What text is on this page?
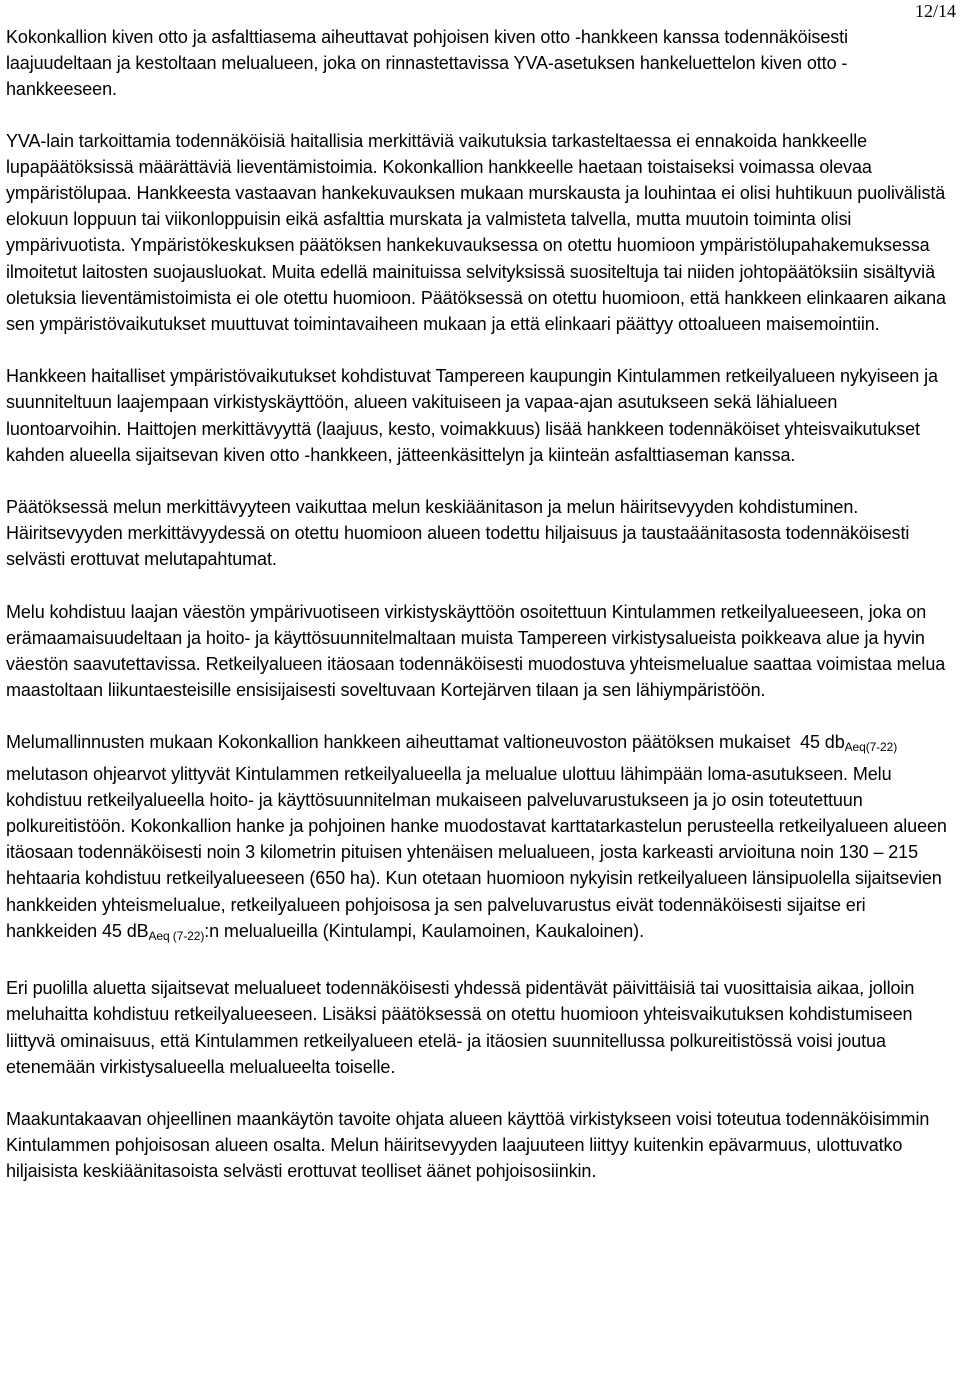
12/14

Kokonkallion kiven otto ja asfalttiasema aiheuttavat pohjoisen kiven otto -hankkeen kanssa todennäköisesti laajuudeltaan ja kestoltaan melualueen, joka on rinnastettavissa YVA-asetuksen hankeluettelon kiven otto -hankkeeseen.

YVA-lain tarkoittamia todennäköisiä haitallisia merkittäviä vaikutuksia tarkasteltaessa ei ennakoida hankkeelle lupapäätöksissä määrättäviä lieventämistoimia. Kokonkallion hankkeelle haetaan toistaiseksi voimassa olevaa ympäristölupaa. Hankkeesta vastaavan hankekuvauksen mukaan murskausta ja louhintaa ei olisi huhtikuun puolivälistä elokuun loppuun tai viikonloppuisin eikä asfalttia murskata ja valmisteta talvella, mutta muutoin toiminta olisi ympärivuotista. Ympäristökeskuksen päätöksen hankekuvauksessa on otettu huomioon ympäristölupahakemuksessa ilmoitetut laitosten suojausluokat. Muita edellä mainituissa selvityksissä suositeltuja tai niiden johtopäätöksiin sisältyviä oletuksia lieventämistoimista ei ole otettu huomioon. Päätöksessä on otettu huomioon, että hankkeen elinkaaren aikana sen ympäristövaikutukset muuttuvat toimintavaiheen mukaan ja että elinkaari päättyy ottoalueen maisemointiin.

Hankkeen haitalliset ympäristövaikutukset kohdistuvat Tampereen kaupungin Kintulammen retkeilyalueen nykyiseen ja suunniteltuun laajempaan virkistyskäyttöön, alueen vakituiseen ja vapaa-ajan asutukseen sekä lähialueen luontoarvoihin. Haittojen merkittävyyttä (laajuus, kesto, voimakkuus) lisää hankkeen todennäköiset yhteisvaikutukset kahden alueella sijaitsevan kiven otto -hankkeen, jätteenkäsittelyn ja kiinteän asfalttiaseman kanssa.

Päätöksessä melun merkittävyyteen vaikuttaa melun keskiäänitason ja melun häiritsevyyden kohdistuminen. Häiritsevyyden merkittävyydessä on otettu huomioon alueen todettu hiljaisuus ja taustaäänitasosta todennäköisesti selvästi erottuvat melutapahtumat.

Melu kohdistuu laajan väestön ympärivuotiseen virkistyskäyttöön osoitettuun Kintulammen retkeilyalueeseen, joka on erämaamaisuudeltaan ja hoito- ja käyttösuunnitelmaltaan muista Tampereen virkistysalueista poikkeava alue ja hyvin väestön saavutettavissa. Retkeilyalueen itäosaan todennäköisesti muodostuva yhteismelualue saattaa voimistaa melua maastoltaan liikuntaesteisille ensisijaisesti soveltuvaan Kortejärven tilaan ja sen lähiympäristöön.

Melumallinnusten mukaan Kokonkallion hankkeen aiheuttamat valtioneuvoston päätöksen mukaiset  45 dbAeq(7-22) melutason ohjearvot ylittyvät Kintulammen retkeilyalueella ja melualue ulottuu lähimpään loma-asutukseen. Melu kohdistuu retkeilyalueella hoito- ja käyttösuunnitelman mukaiseen palveluvarustukseen ja jo osin toteutettuun polkureitistöön. Kokonkallion hanke ja pohjoinen hanke muodostavat karttatarkastelun perusteella retkeilyalueen alueen itäosaan todennäköisesti noin 3 kilometrin pituisen yhtenäisen melualueen, josta karkeasti arvioituna noin 130 – 215 hehtaaria kohdistuu retkeilyalueeseen (650 ha). Kun otetaan huomioon nykyisin retkeilyalueen länsipuolella sijaitsevien hankkeiden yhteismelualue, retkeilyalueen pohjoisosa ja sen palveluvarustus eivät todennäköisesti sijaitse eri hankkeiden 45 dBAeq (7-22):n melualueilla (Kintulampi, Kaulamoinen, Kaukaloinen).

Eri puolilla aluetta sijaitsevat melualueet todennäköisesti yhdessä pidentävät päivittäisiä tai vuosittaisia aikaa, jolloin meluhaitta kohdistuu retkeilyalueeseen. Lisäksi päätöksessä on otettu huomioon yhteisvaikutuksen kohdistumiseen liittyvä ominaisuus, että Kintulammen retkeilyalueen etelä- ja itäosien suunnitellussa polkureitistössä voisi joutua etenemään virkistysalueella melualueelta toiselle.

Maakuntakaavan ohjeellinen maankäytön tavoite ohjata alueen käyttöä virkistykseen voisi toteutua todennäköisimmin Kintulammen pohjoisosan alueen osalta. Melun häiritsevyyden laajuuteen liittyy kuitenkin epävarmuus, ulottuvatko hiljaisista keskiäänitasoista selvästi erottuvat teolliset äänet pohjoisosiinkin.
